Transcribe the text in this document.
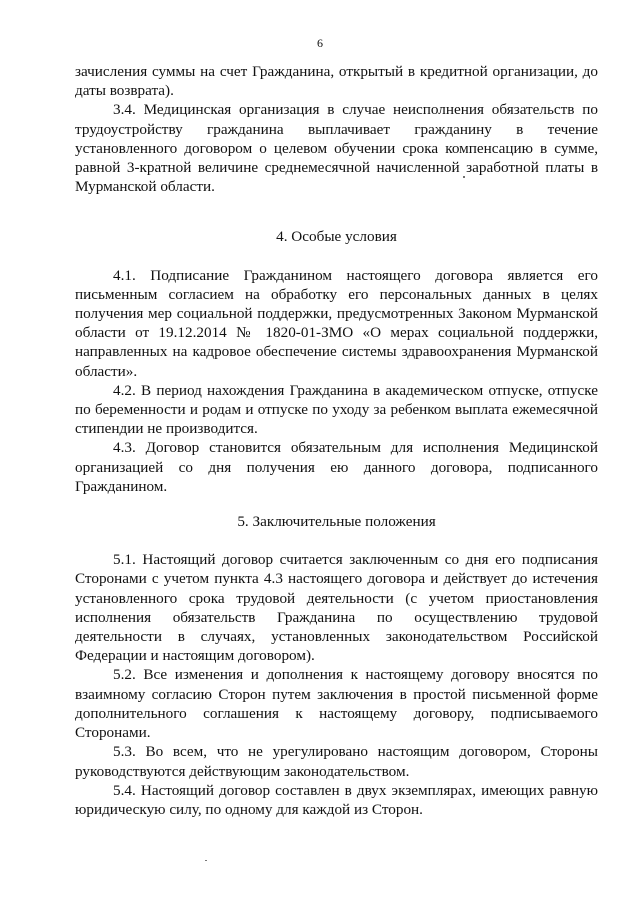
6

зачисления суммы на счет Гражданина, открытый в кредитной организации, до даты возврата).

3.4. Медицинская организация в случае неисполнения обязательств по трудоустройству гражданина выплачивает гражданину в течение установленного договором о целевом обучении срока компенсацию в сумме, равной 3-кратной величине среднемесячной начисленной заработной платы в Мурманской области.

4. Особые условия

4.1. Подписание Гражданином настоящего договора является его письменным согласием на обработку его персональных данных в целях получения мер социальной поддержки, предусмотренных Законом Мурманской области от 19.12.2014 № 1820-01-ЗМО «О мерах социальной поддержки, направленных на кадровое обеспечение системы здравоохранения Мурманской области».

4.2. В период нахождения Гражданина в академическом отпуске, отпуске по беременности и родам и отпуске по уходу за ребенком выплата ежемесячной стипендии не производится.

4.3. Договор становится обязательным для исполнения Медицинской организацией со дня получения ею данного договора, подписанного Гражданином.

5. Заключительные положения

5.1. Настоящий договор считается заключенным со дня его подписания Сторонами с учетом пункта 4.3 настоящего договора и действует до истечения установленного срока трудовой деятельности (с учетом приостановления исполнения обязательств Гражданина по осуществлению трудовой деятельности в случаях, установленных законодательством Российской Федерации и настоящим договором).

5.2. Все изменения и дополнения к настоящему договору вносятся по взаимному согласию Сторон путем заключения в простой письменной форме дополнительного соглашения к настоящему договору, подписываемого Сторонами.

5.3. Во всем, что не урегулировано настоящим договором, Стороны руководствуются действующим законодательством.

5.4. Настоящий договор составлен в двух экземплярах, имеющих равную юридическую силу, по одному для каждой из Сторон.
